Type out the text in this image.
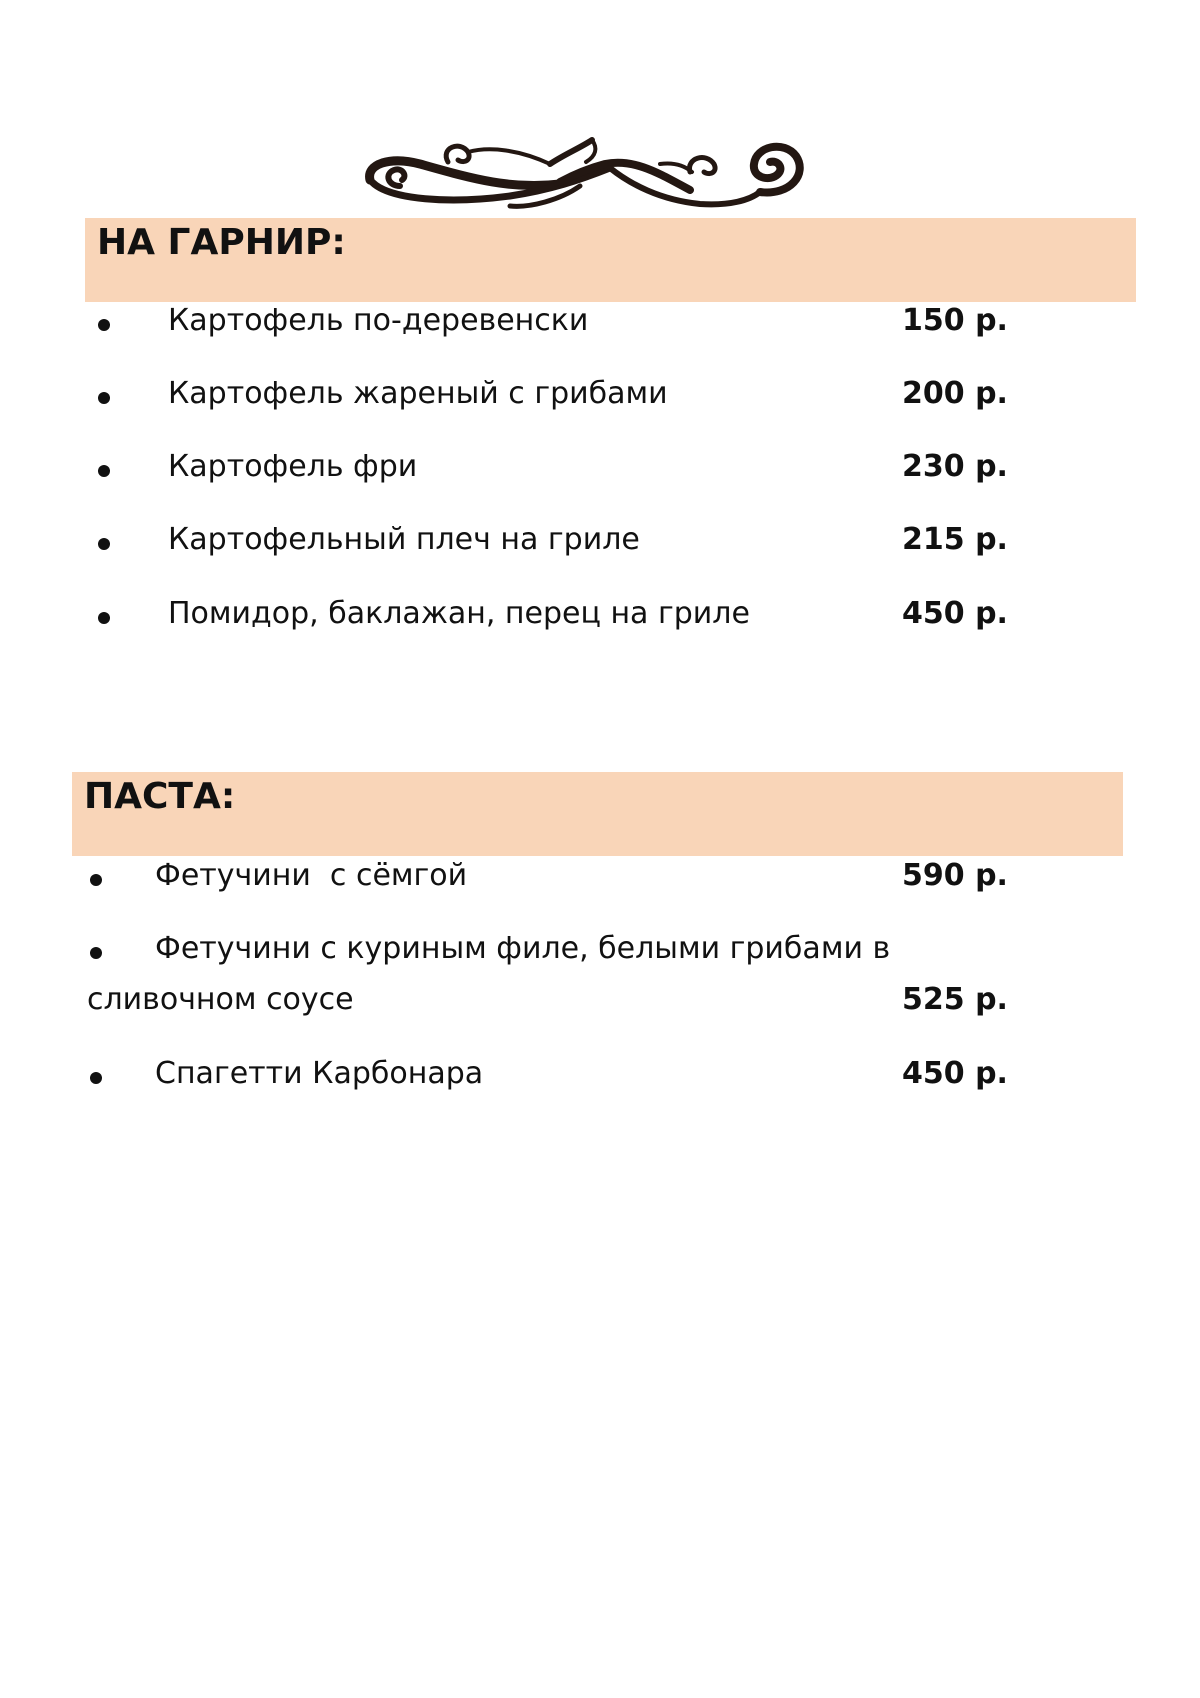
НА ГАРНИР:
Картофель по-деревенски	150 р.
Картофель жареный с грибами	200 р.
Картофель фри	230 р.
Картофельный плеч на гриле	215 р.
Помидор, баклажан, перец на гриле	450 р.
ПАСТА:
Фетучини  с сёмгой	590 р.
Фетучини с куриным филе, белыми грибами в
сливочном соусе	525 р.
Спагетти Карбонара	450 р.
